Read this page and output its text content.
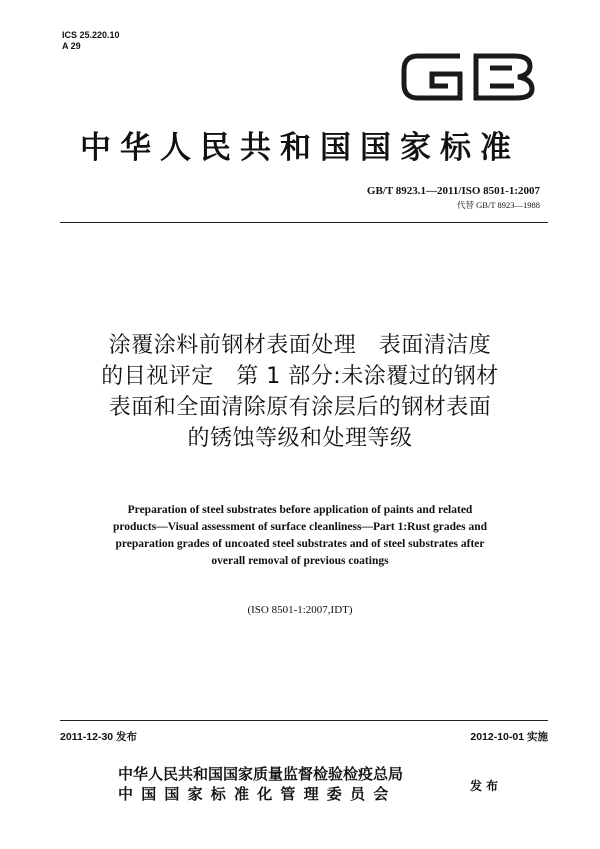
ICS 25.220.10
A 29
中华人民共和国国家标准
GB/T 8923.1—2011/ISO 8501-1:2007
代替 GB/T 8923—1988
涂覆涂料前钢材表面处理　表面清洁度
的目视评定　第 1 部分:未涂覆过的钢材
表面和全面清除原有涂层后的钢材表面
的锈蚀等级和处理等级
Preparation of steel substrates before application of paints and related
products—Visual assessment of surface cleanliness—Part 1:Rust grades and
preparation grades of uncoated steel substrates and of steel substrates after
overall removal of previous coatings
(ISO 8501-1:2007,IDT)
2011-12-30 发布	2012-10-01 实施
中华人民共和国国家质量监督检验检疫总局
中国国家标准化管理委员会	发布
